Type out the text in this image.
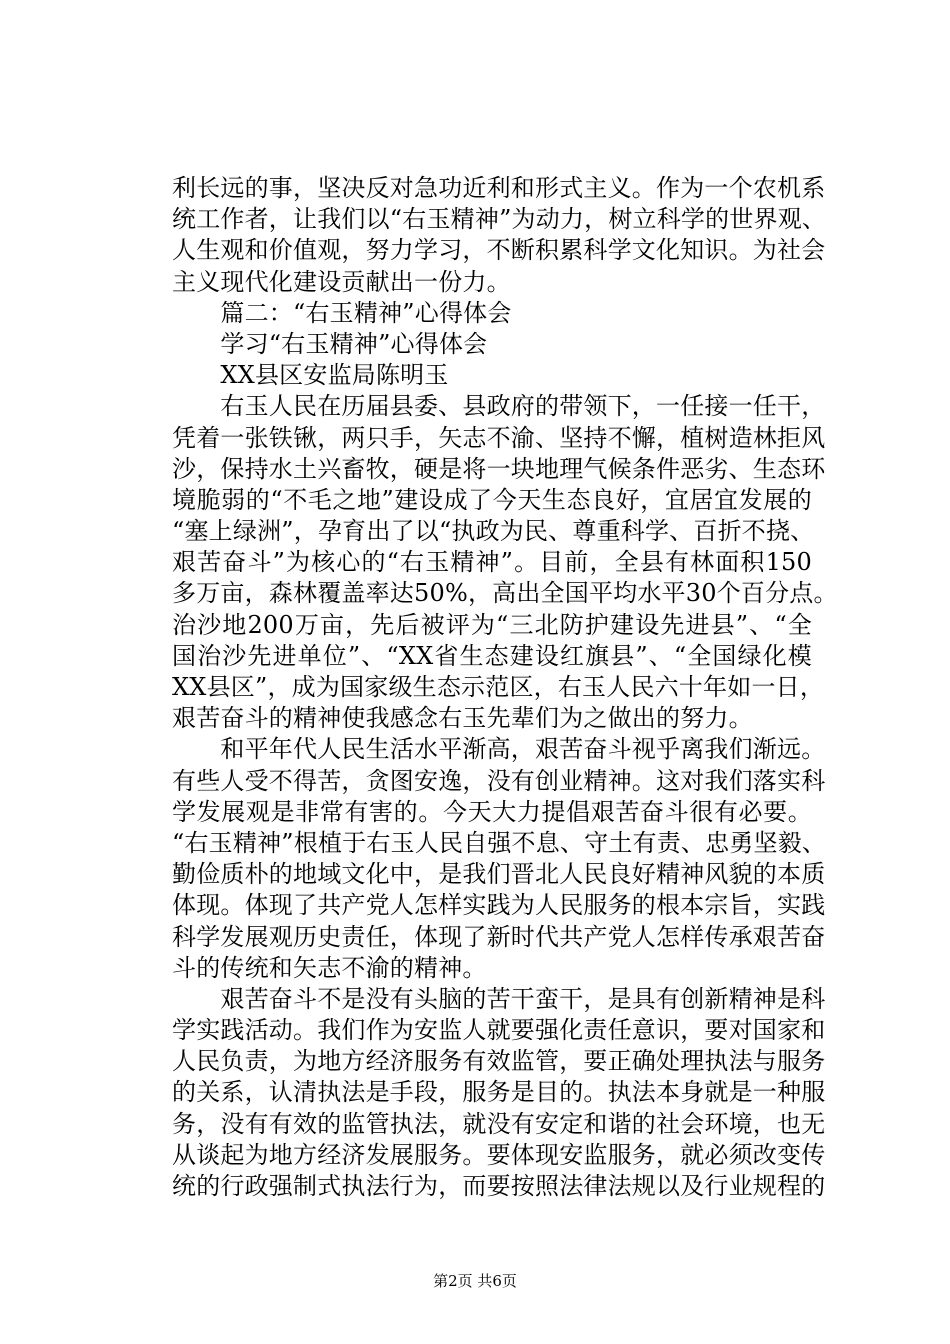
利长远的事，坚决反对急功近利和形式主义。作为一个农机系
统工作者，让我们以“右玉精神”为动力，树立科学的世界观、
人生观和价值观，努力学习，不断积累科学文化知识。为社会
主义现代化建设贡献出一份力。
　　篇二：“右玉精神”心得体会
　　学习“右玉精神”心得体会
　　XX县区安监局陈明玉
　　右玉人民在历届县委、县政府的带领下，一任接一任干，
凭着一张铁锹，两只手，矢志不渝、坚持不懈，植树造林拒风
沙，保持水土兴畜牧，硬是将一块地理气候条件恶劣、生态环
境脆弱的“不毛之地”建设成了今天生态良好，宜居宜发展的
“塞上绿洲”，孕育出了以“执政为民、尊重科学、百折不挠、
艰苦奋斗”为核心的“右玉精神”。目前，全县有林面积150
多万亩，森林覆盖率达50%，高出全国平均水平30个百分点。
治沙地200万亩，先后被评为“三北防护建设先进县”、“全
国治沙先进单位”、“XX省生态建设红旗县”、“全国绿化模
XX县区”，成为国家级生态示范区，右玉人民六十年如一日，
艰苦奋斗的精神使我感念右玉先辈们为之做出的努力。
　　和平年代人民生活水平渐高，艰苦奋斗视乎离我们渐远。
有些人受不得苦，贪图安逸，没有创业精神。这对我们落实科
学发展观是非常有害的。今天大力提倡艰苦奋斗很有必要。
“右玉精神”根植于右玉人民自强不息、守土有责、忠勇坚毅、
勤俭质朴的地域文化中，是我们晋北人民良好精神风貌的本质
体现。体现了共产党人怎样实践为人民服务的根本宗旨，实践
科学发展观历史责任，体现了新时代共产党人怎样传承艰苦奋
斗的传统和矢志不渝的精神。
　　艰苦奋斗不是没有头脑的苦干蛮干，是具有创新精神是科
学实践活动。我们作为安监人就要强化责任意识，要对国家和
人民负责，为地方经济服务有效监管，要正确处理执法与服务
的关系，认清执法是手段，服务是目的。执法本身就是一种服
务，没有有效的监管执法，就没有安定和谐的社会环境，也无
从谈起为地方经济发展服务。要体现安监服务，就必须改变传
统的行政强制式执法行为，而要按照法律法规以及行业规程的
第2页 共6页
